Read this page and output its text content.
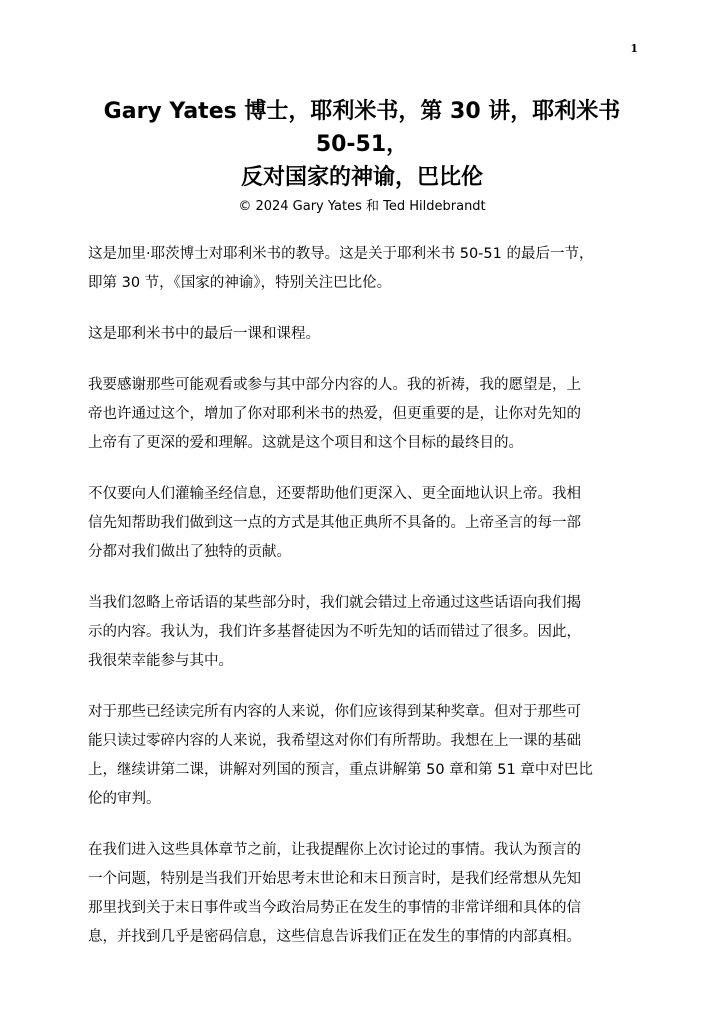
1
Gary Yates 博士，耶利米书，第 30 讲，耶利米书
50-51，
反对国家的神谕，巴比伦
© 2024 Gary Yates 和 Ted Hildebrandt

这是加里·耶茨博士对耶利米书的教导。这是关于耶利米书 50-51 的最后一节，
即第 30 节，《国家的神谕》，特别关注巴比伦。

这是耶利米书中的最后一课和课程。

我要感谢那些可能观看或参与其中部分内容的人。我的祈祷，我的愿望是，上
帝也许通过这个，增加了你对耶利米书的热爱，但更重要的是，让你对先知的
上帝有了更深的爱和理解。这就是这个项目和这个目标的最终目的。

不仅要向人们灌输圣经信息，还要帮助他们更深入、更全面地认识上帝。我相
信先知帮助我们做到这一点的方式是其他正典所不具备的。上帝圣言的每一部
分都对我们做出了独特的贡献。

当我们忽略上帝话语的某些部分时，我们就会错过上帝通过这些话语向我们揭
示的内容。我认为，我们许多基督徒因为不听先知的话而错过了很多。因此，
我很荣幸能参与其中。

对于那些已经读完所有内容的人来说，你们应该得到某种奖章。但对于那些可
能只读过零碎内容的人来说，我希望这对你们有所帮助。我想在上一课的基础
上，继续讲第二课，讲解对列国的预言，重点讲解第 50 章和第 51 章中对巴比
伦的审判。

在我们进入这些具体章节之前，让我提醒你上次讨论过的事情。我认为预言的
一个问题，特别是当我们开始思考末世论和末日预言时，是我们经常想从先知
那里找到关于末日事件或当今政治局势正在发生的事情的非常详细和具体的信
息，并找到几乎是密码信息，这些信息告诉我们正在发生的事情的内部真相。
